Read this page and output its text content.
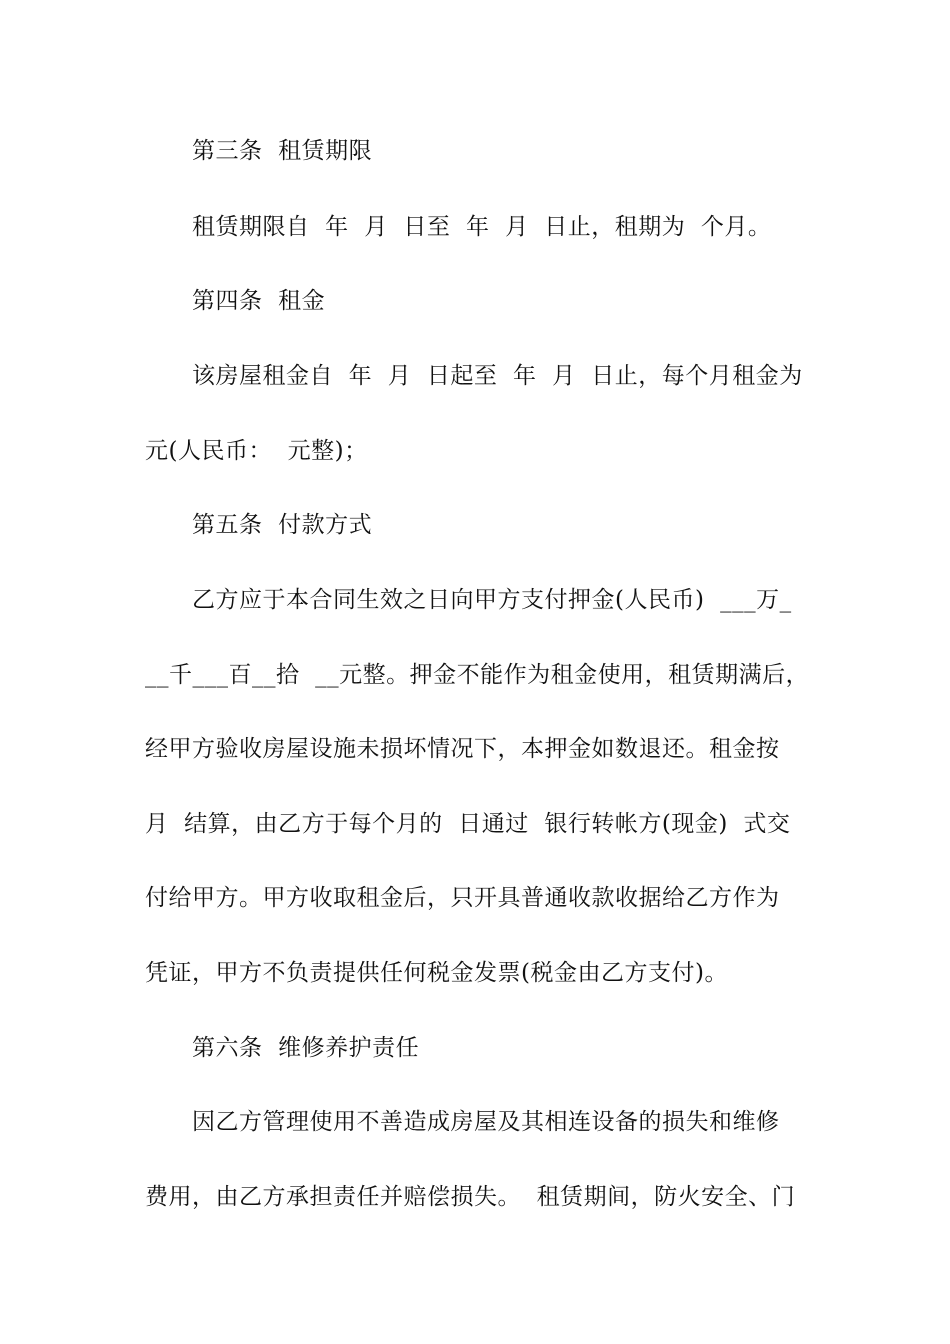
第三条  租赁期限
租赁期限自  年  月  日至  年  月  日止，租期为  个月。
第四条  租金
该房屋租金自  年  月  日起至  年  月  日止，每个月租金为
元(人民币：  元整)；
第五条  付款方式
乙方应于本合同生效之日向甲方支付押金(人民币)  ___万_
__千___百__拾  __元整。押金不能作为租金使用，租赁期满后，
经甲方验收房屋设施未损坏情况下，本押金如数退还。租金按
月  结算，由乙方于每个月的  日通过  银行转帐方(现金)  式交
付给甲方。甲方收取租金后，只开具普通收款收据给乙方作为
凭证，甲方不负责提供任何税金发票(税金由乙方支付)。
第六条  维修养护责任
因乙方管理使用不善造成房屋及其相连设备的损失和维修
费用，由乙方承担责任并赔偿损失。  租赁期间，防火安全、门
